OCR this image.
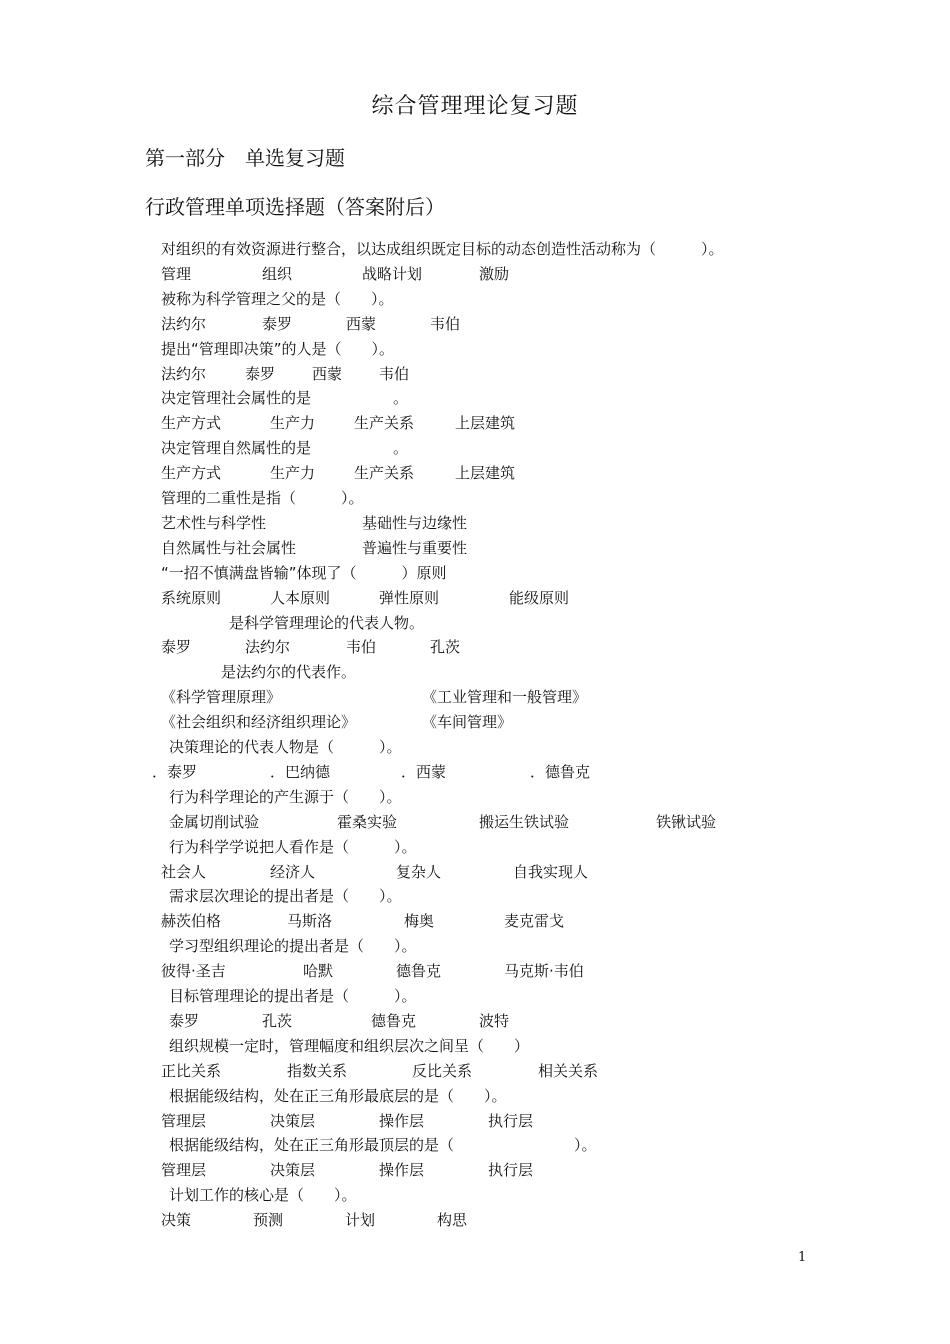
综合管理理论复习题
第一部分　单选复习题
行政管理单项选择题（答案附后）
对组织的有效资源进行整合，以达成组织既定目标的动态创造性活动称为（　　　）。
管理	组织	战略计划	激励
被称为科学管理之父的是（　　）。
法约尔	泰罗	西蒙	韦伯
提出“管理即决策”的人是（　　）。
法约尔	泰罗 西蒙 韦伯
决定管理社会属性的是	。
生产方式	生产力	生产关系	上层建筑
决定管理自然属性的是	。
生产方式	生产力	生产关系	上层建筑
管理的二重性是指（　　　）。
艺术性与科学性	基础性与边缘性
自然属性与社会属性	普遍性与重要性
“一招不慎满盘皆输”体现了（　　　）原则
系统原则	人本原则	弹性原则	能级原则
是科学管理理论的代表人物。
泰罗	法约尔	韦伯	孔茨
是法约尔的代表作。
《科学管理原理》	《工业管理和一般管理》
《社会组织和经济组织理论》	《车间管理》
决策理论的代表人物是（　　　）。
．泰罗	．巴纳德	．西蒙	．德鲁克
行为科学理论的产生源于（　　）。
金属切削试验	霍桑实验	搬运生铁试验	铁锹试验
行为科学学说把人看作是（　　　）。
社会人	经济人	复杂人	自我实现人
需求层次理论的提出者是（　　）。
赫茨伯格	马斯洛	梅奥	麦克雷戈
学习型组织理论的提出者是（　　）。
彼得·圣吉	哈默	德鲁克	马克斯·韦伯
目标管理理论的提出者是（　　　）。
泰罗	孔茨	德鲁克	波特
组织规模一定时，管理幅度和组织层次之间呈（　　）
正比关系	指数关系	反比关系	相关关系
根据能级结构，处在正三角形最底层的是（　　）。
管理层	决策层	操作层	执行层
根据能级结构，处在正三角形最顶层的是（　　　　　　　　）。
管理层	决策层	操作层	执行层
计划工作的核心是（　　）。
决策	预测	计划	构思
1
